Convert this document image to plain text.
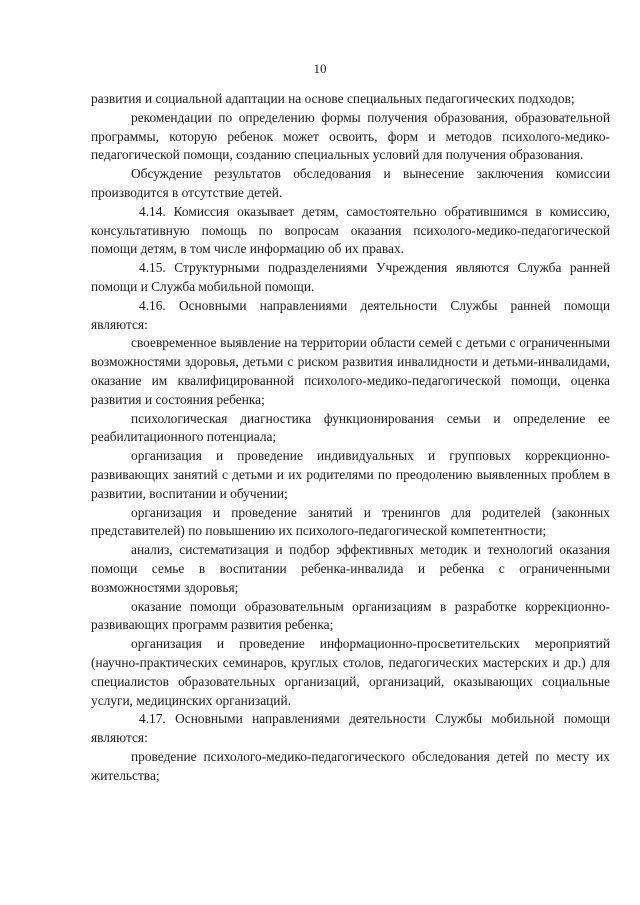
10

развития и социальной адаптации на основе специальных педагогических подходов;

рекомендации по определению формы получения образования, образовательной программы, которую ребенок может освоить, форм и методов психолого-медико-педагогической помощи, созданию специальных условий для получения образования.

Обсуждение результатов обследования и вынесение заключения комиссии производится в отсутствие детей.

4.14. Комиссия оказывает детям, самостоятельно обратившимся в комиссию, консультативную помощь по вопросам оказания психолого-медико-педагогической помощи детям, в том числе информацию об их правах.

4.15. Структурными подразделениями Учреждения являются Служба ранней помощи и Служба мобильной помощи.

4.16. Основными направлениями деятельности Службы ранней помощи являются:

своевременное выявление на территории области семей с детьми с ограниченными возможностями здоровья, детьми с риском развития инвалидности и детьми-инвалидами, оказание им квалифицированной психолого-медико-педагогической помощи, оценка развития и состояния ребенка;

психологическая диагностика функционирования семьи и определение ее реабилитационного потенциала;

организация и проведение индивидуальных и групповых коррекционно-развивающих занятий с детьми и их родителями по преодолению выявленных проблем в развитии, воспитании и обучении;

организация и проведение занятий и тренингов для родителей (законных представителей) по повышению их психолого-педагогической компетентности;

анализ, систематизация и подбор эффективных методик и технологий оказания помощи семье в воспитании ребенка-инвалида и ребенка с ограниченными возможностями здоровья;

оказание помощи образовательным организациям в разработке коррекционно-развивающих программ развития ребенка;

организация и проведение информационно-просветительских мероприятий (научно-практических семинаров, круглых столов, педагогических мастерских и др.) для специалистов образовательных организаций, организаций, оказывающих социальные услуги, медицинских организаций.

4.17. Основными направлениями деятельности Службы мобильной помощи являются:

проведение психолого-медико-педагогического обследования детей по месту их жительства;
